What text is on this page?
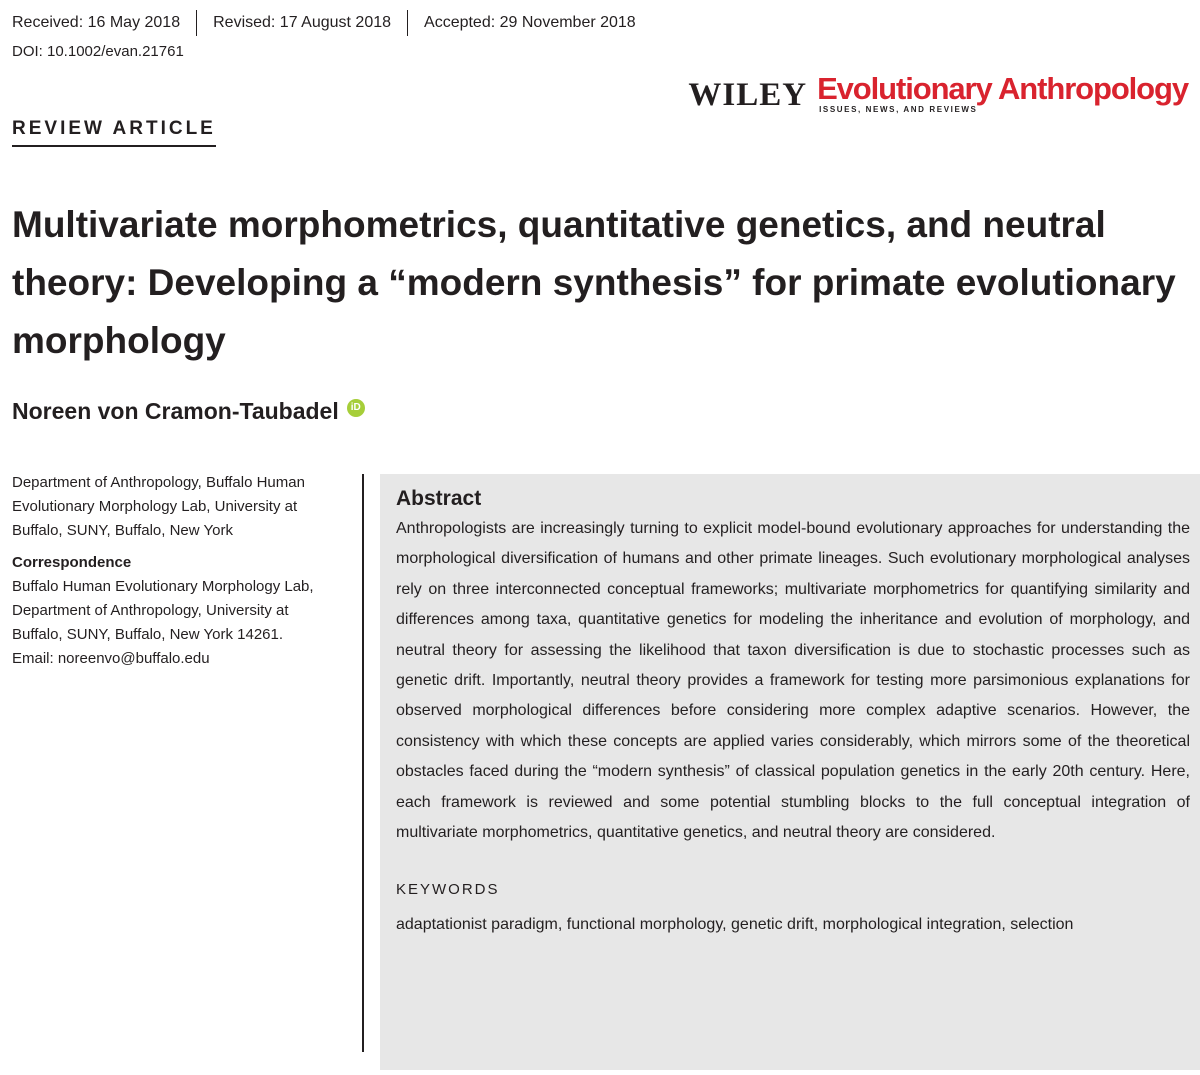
Received: 16 May 2018	Revised: 17 August 2018	Accepted: 29 November 2018
DOI: 10.1002/evan.21761
WILEY Evolutionary Anthropology
ISSUES, NEWS, AND REVIEWS
REVIEW ARTICLE
Multivariate morphometrics, quantitative genetics, and neutral theory: Developing a “modern synthesis” for primate evolutionary morphology
Noreen von Cramon-Taubadel	iD

Department of Anthropology, Buffalo Human Evolutionary Morphology Lab, University at Buffalo, SUNY, Buffalo, New York

Correspondence

Buffalo Human Evolutionary Morphology Lab,

Department of Anthropology, University at

Buffalo, SUNY, Buffalo, New York 14261.

Email: noreenvo@buffalo.edu

Abstract

Anthropologists are increasingly turning to explicit model-bound evolutionary approaches for understanding the morphological diversification of humans and other primate lineages. Such evolutionary morphological analyses rely on three interconnected conceptual frameworks; multivariate morphometrics for quantifying similarity and differences among taxa, quantitative genetics for modeling the inheritance and evolution of morphology, and neutral theory for assessing the likelihood that taxon diversification is due to stochastic processes such as genetic drift. Importantly, neutral theory provides a framework for testing more parsimonious explanations for observed morphological differences before considering more complex adaptive scenarios. However, the consistency with which these concepts are applied varies considerably, which mirrors some of the theoretical obstacles faced during the “modern synthesis” of classical population genetics in the early 20th century. Here, each framework is reviewed and some potential stumbling blocks to the full conceptual integration of multivariate morphometrics, quantitative genetics, and neutral theory are considered.

KEYWORDS
adaptationist paradigm, functional morphology, genetic drift, morphological integration, selection
